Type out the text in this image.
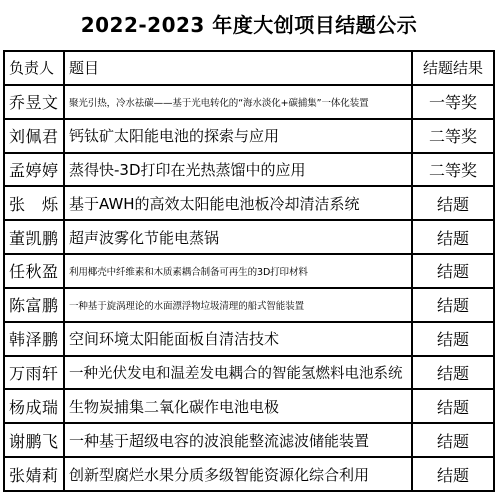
2022-2023 年度大创项目结题公示
负责人	题目	结题结果
乔昱文	聚光引热，冷水祛碳——基于光电转化的“海水淡化+碳捕集”一体化装置	一等奖
刘佩君	钙钛矿太阳能电池的探索与应用	二等奖
孟婷婷	蒸得快-3D打印在光热蒸馏中的应用	二等奖
张　烁	基于AWH的高效太阳能电池板冷却清洁系统	结题
董凯鹏	超声波雾化节能电蒸锅	结题
任秋盈	利用椰壳中纤维素和木质素耦合制备可再生的3D打印材料	结题
陈富鹏	一种基于旋涡理论的水面漂浮物垃圾清理的船式智能装置	结题
韩泽鹏	空间环境太阳能面板自清洁技术	结题
万雨轩	一种光伏发电和温差发电耦合的智能氢燃料电池系统	结题
杨成瑞	生物炭捕集二氧化碳作电池电极	结题
谢鹏飞	一种基于超级电容的波浪能整流滤波储能装置	结题
张婧莉	创新型腐烂水果分质多级智能资源化综合利用	结题
